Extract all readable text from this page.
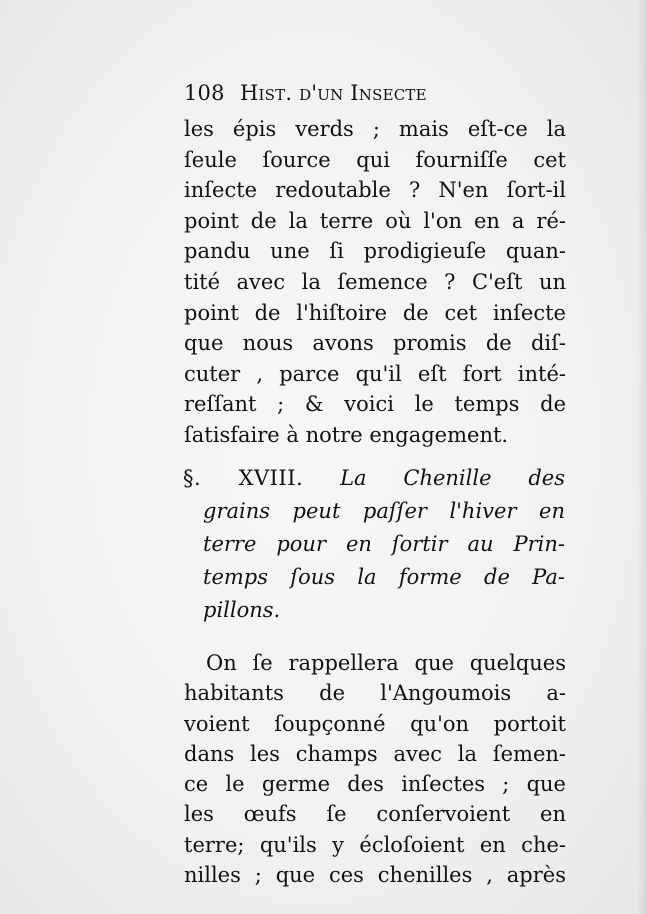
108 Hist. d'un Insecte
les épis verds ; mais eſt-ce la
ſeule ſource qui fourniſſe cet
inſecte redoutable ? N'en ſort-il
point de la terre où l'on en a ré-
pandu une ſi prodigieuſe quan-
tité avec la ſemence ? C'eſt un
point de l'hiſtoire de cet inſecte
que nous avons promis de diſ-
cuter , parce qu'il eſt fort inté-
reſſant ; & voici le temps de
ſatisfaire à notre engagement.
§. XVIII. La Chenille des
grains peut paſſer l'hiver en
terre pour en ſortir au Prin-
temps ſous la forme de Pa-
pillons.
On ſe rappellera que quelques
habitants de l'Angoumois a-
voient ſoupçonné qu'on portoit
dans les champs avec la ſemen-
ce le germe des inſectes ; que
les œufs ſe conſervoient en
terre; qu'ils y écloſoient en che-
nilles ; que ces chenilles , après
